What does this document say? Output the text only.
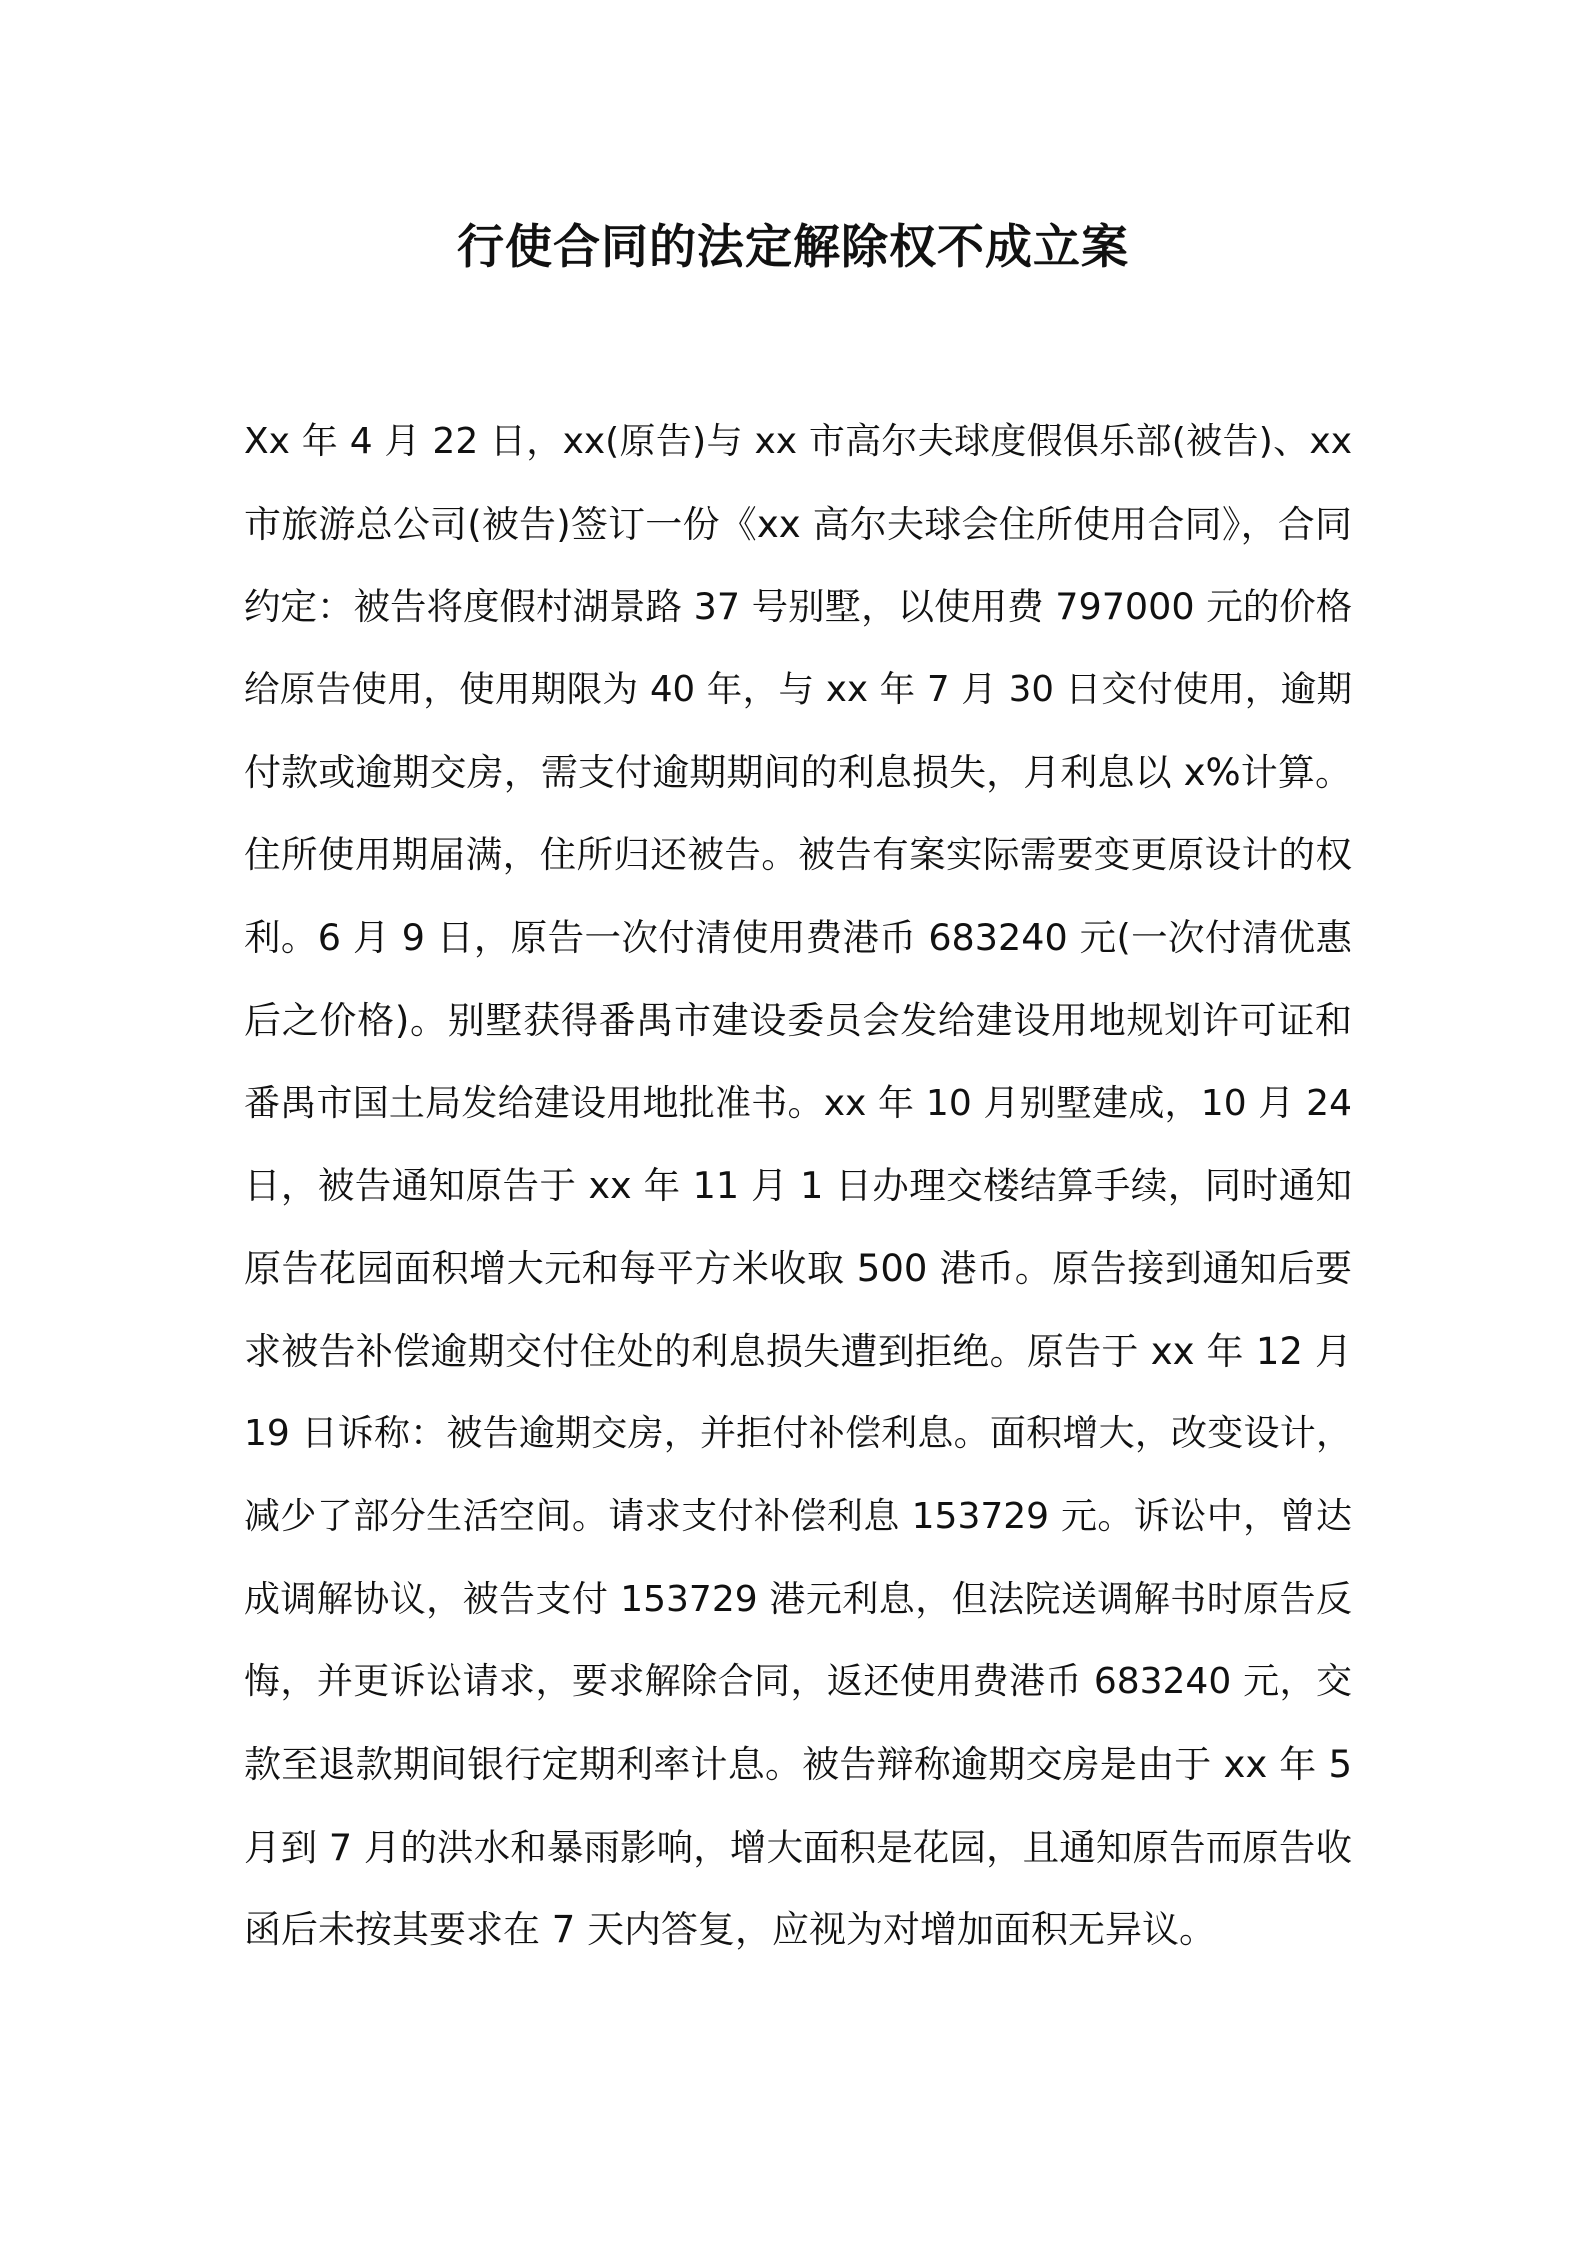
行使合同的法定解除权不成立案
Xx 年 4 月 22 日，xx(原告)与 xx 市高尔夫球度假俱乐部(被告)、xx
市旅游总公司(被告)签订一份《xx 高尔夫球会住所使用合同》，合同
约定：被告将度假村湖景路 37 号别墅，以使用费 797000 元的价格
给原告使用，使用期限为 40 年，与 xx 年 7 月 30 日交付使用，逾期
付款或逾期交房，需支付逾期期间的利息损失，月利息以 x%计算。
住所使用期届满，住所归还被告。被告有案实际需要变更原设计的权
利。6 月 9 日，原告一次付清使用费港币 683240 元(一次付清优惠
后之价格)。别墅获得番禺市建设委员会发给建设用地规划许可证和
番禺市国土局发给建设用地批准书。xx 年 10 月别墅建成，10 月 24
日，被告通知原告于 xx 年 11 月 1 日办理交楼结算手续，同时通知
原告花园面积增大元和每平方米收取 500 港币。原告接到通知后要
求被告补偿逾期交付住处的利息损失遭到拒绝。原告于 xx 年 12 月
19 日诉称：被告逾期交房，并拒付补偿利息。面积增大，改变设计，
减少了部分生活空间。请求支付补偿利息 153729 元。诉讼中，曾达
成调解协议，被告支付 153729 港元利息，但法院送调解书时原告反
悔，并更诉讼请求，要求解除合同，返还使用费港币 683240 元，交
款至退款期间银行定期利率计息。被告辩称逾期交房是由于 xx 年 5
月到 7 月的洪水和暴雨影响，增大面积是花园，且通知原告而原告收
函后未按其要求在 7 天内答复，应视为对增加面积无异议。
